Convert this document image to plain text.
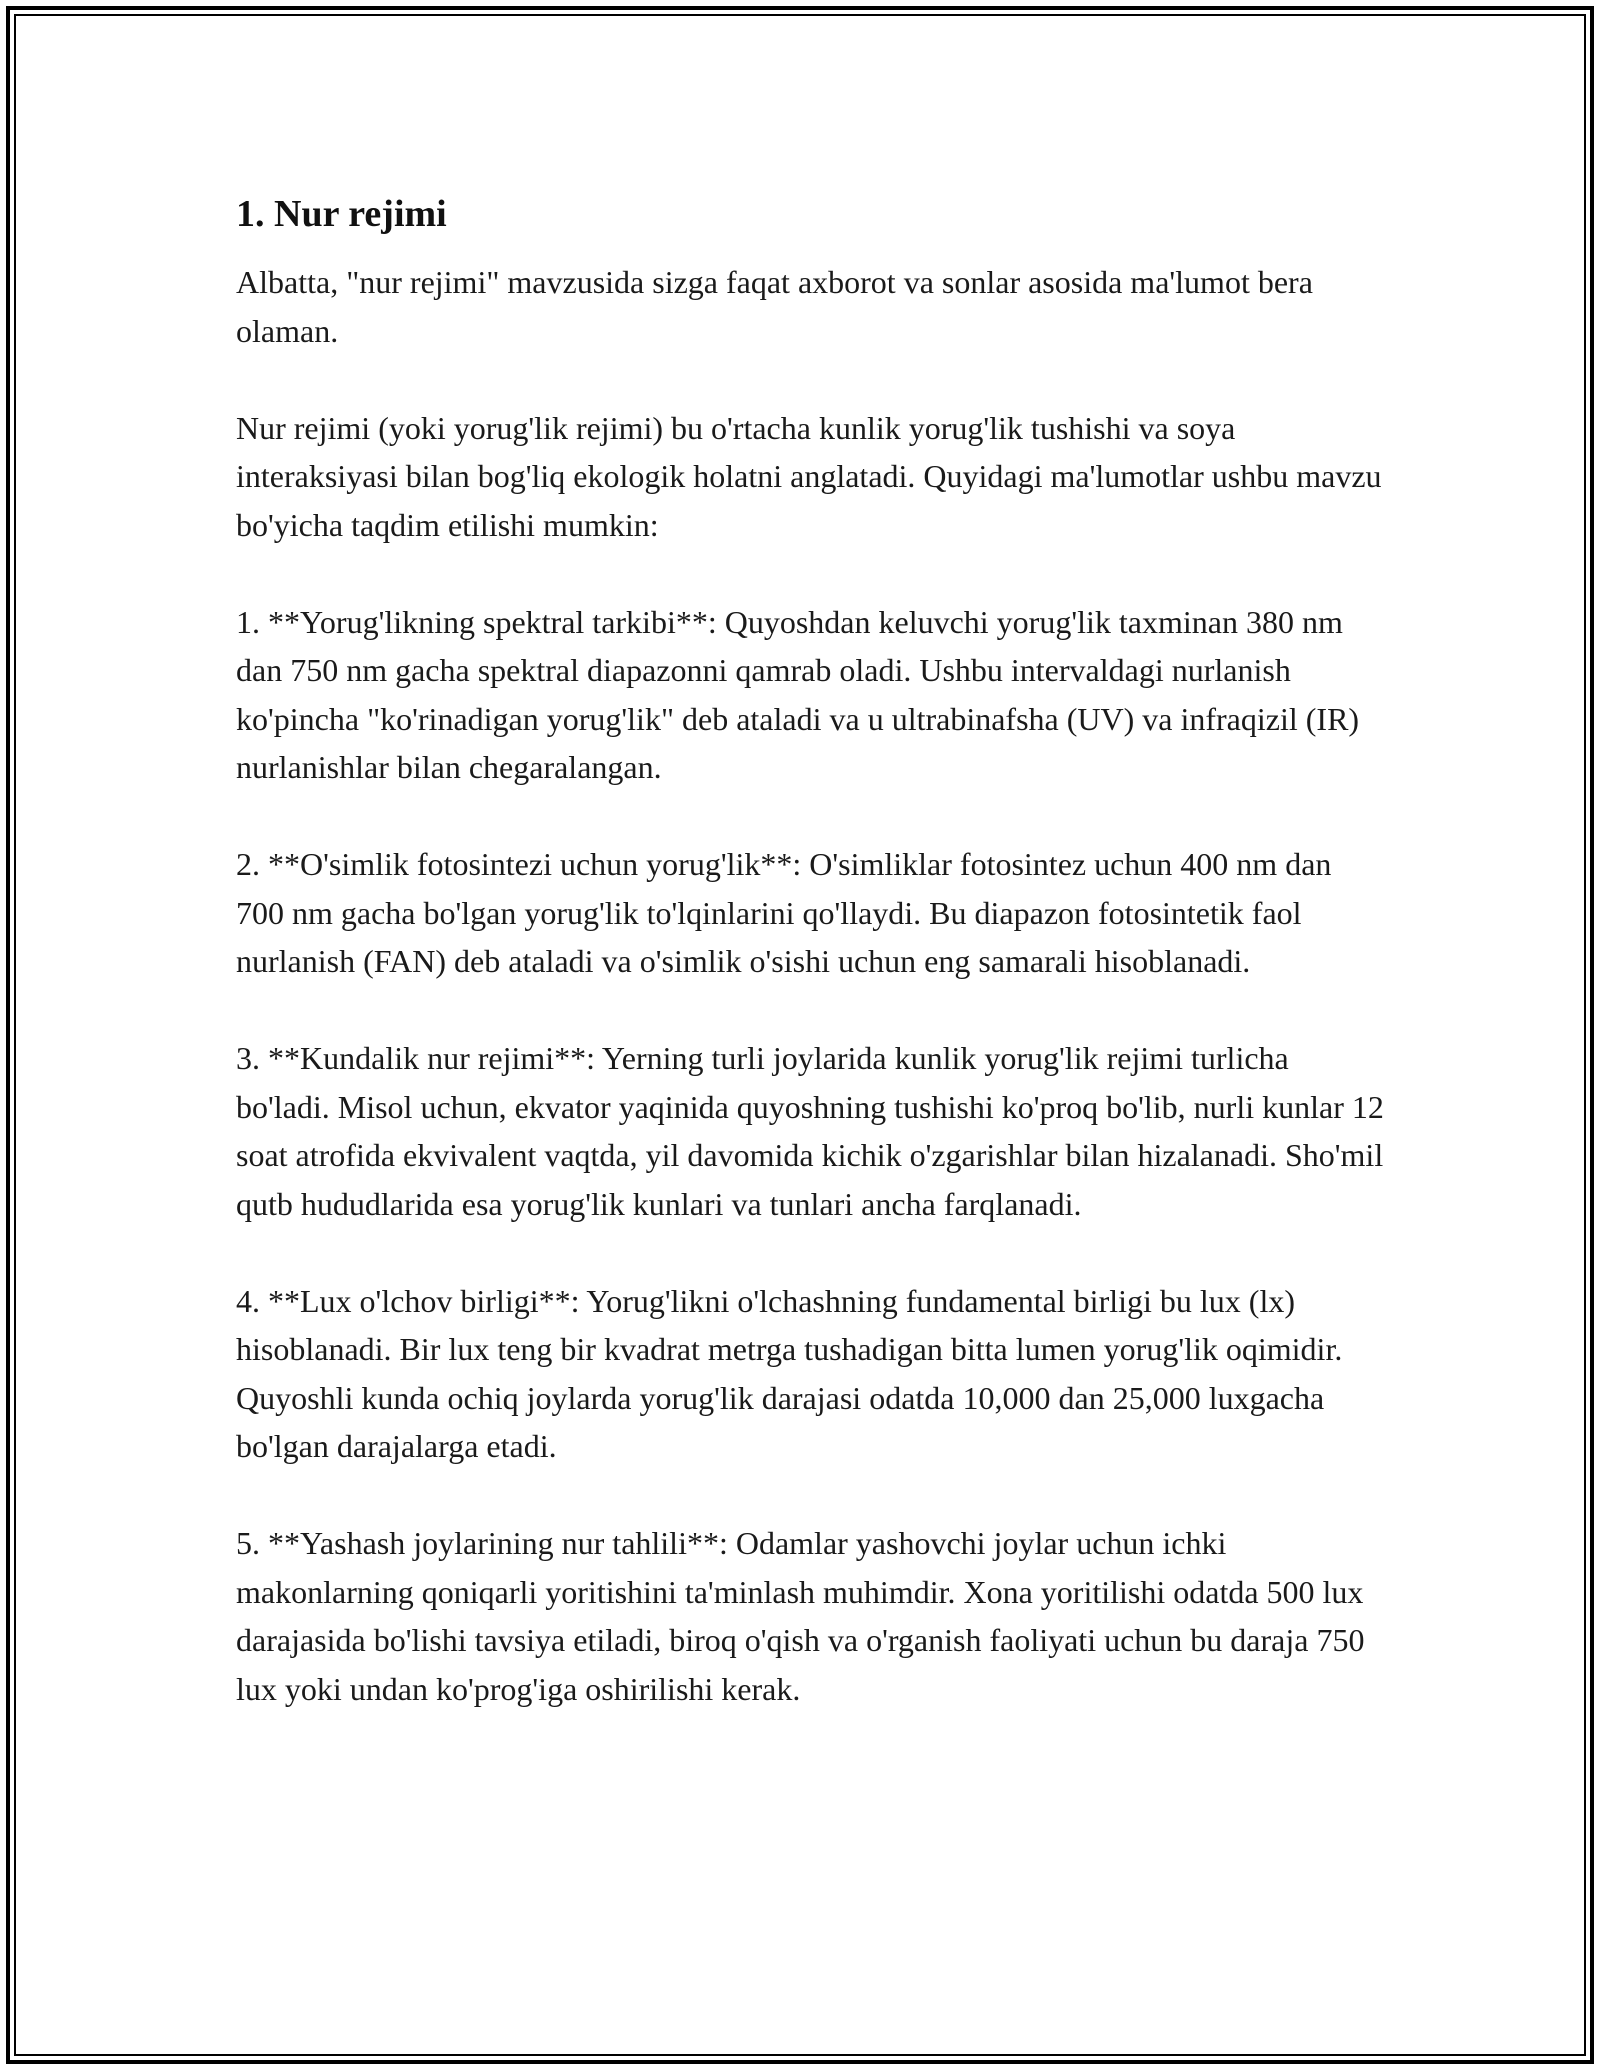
1. Nur rejimi

Albatta, "nur rejimi" mavzusida sizga faqat axborot va sonlar asosida ma'lumot bera olaman.

Nur rejimi (yoki yorug'lik rejimi) bu o'rtacha kunlik yorug'lik tushishi va soya interaksiyasi bilan bog'liq ekologik holatni anglatadi. Quyidagi ma'lumotlar ushbu mavzu bo'yicha taqdim etilishi mumkin:

1. **Yorug'likning spektral tarkibi**: Quyoshdan keluvchi yorug'lik taxminan 380 nm dan 750 nm gacha spektral diapazonni qamrab oladi. Ushbu intervaldagi nurlanish ko'pincha "ko'rinadigan yorug'lik" deb ataladi va u ultrabinafsha (UV) va infraqizil (IR) nurlanishlar bilan chegaralangan.

2. **O'simlik fotosintezi uchun yorug'lik**: O'simliklar fotosintez uchun 400 nm dan 700 nm gacha bo'lgan yorug'lik to'lqinlarini qo'llaydi. Bu diapazon fotosintetik faol nurlanish (FAN) deb ataladi va o'simlik o'sishi uchun eng samarali hisoblanadi.

3. **Kundalik nur rejimi**: Yerning turli joylarida kunlik yorug'lik rejimi turlicha bo'ladi. Misol uchun, ekvator yaqinida quyoshning tushishi ko'proq bo'lib, nurli kunlar 12 soat atrofida ekvivalent vaqtda, yil davomida kichik o'zgarishlar bilan hizalanadi. Sho'mil qutb hududlarida esa yorug'lik kunlari va tunlari ancha farqlanadi.

4. **Lux o'lchov birligi**: Yorug'likni o'lchashning fundamental birligi bu lux (lx) hisoblanadi. Bir lux teng bir kvadrat metrga tushadigan bitta lumen yorug'lik oqimidir. Quyoshli kunda ochiq joylarda yorug'lik darajasi odatda 10,000 dan 25,000 luxgacha bo'lgan darajalarga etadi.

5. **Yashash joylarining nur tahlili**: Odamlar yashovchi joylar uchun ichki makonlarning qoniqarli yoritishini ta'minlash muhimdir. Xona yoritilishi odatda 500 lux darajasida bo'lishi tavsiya etiladi, biroq o'qish va o'rganish faoliyati uchun bu daraja 750 lux yoki undan ko'prog'iga oshirilishi kerak.
